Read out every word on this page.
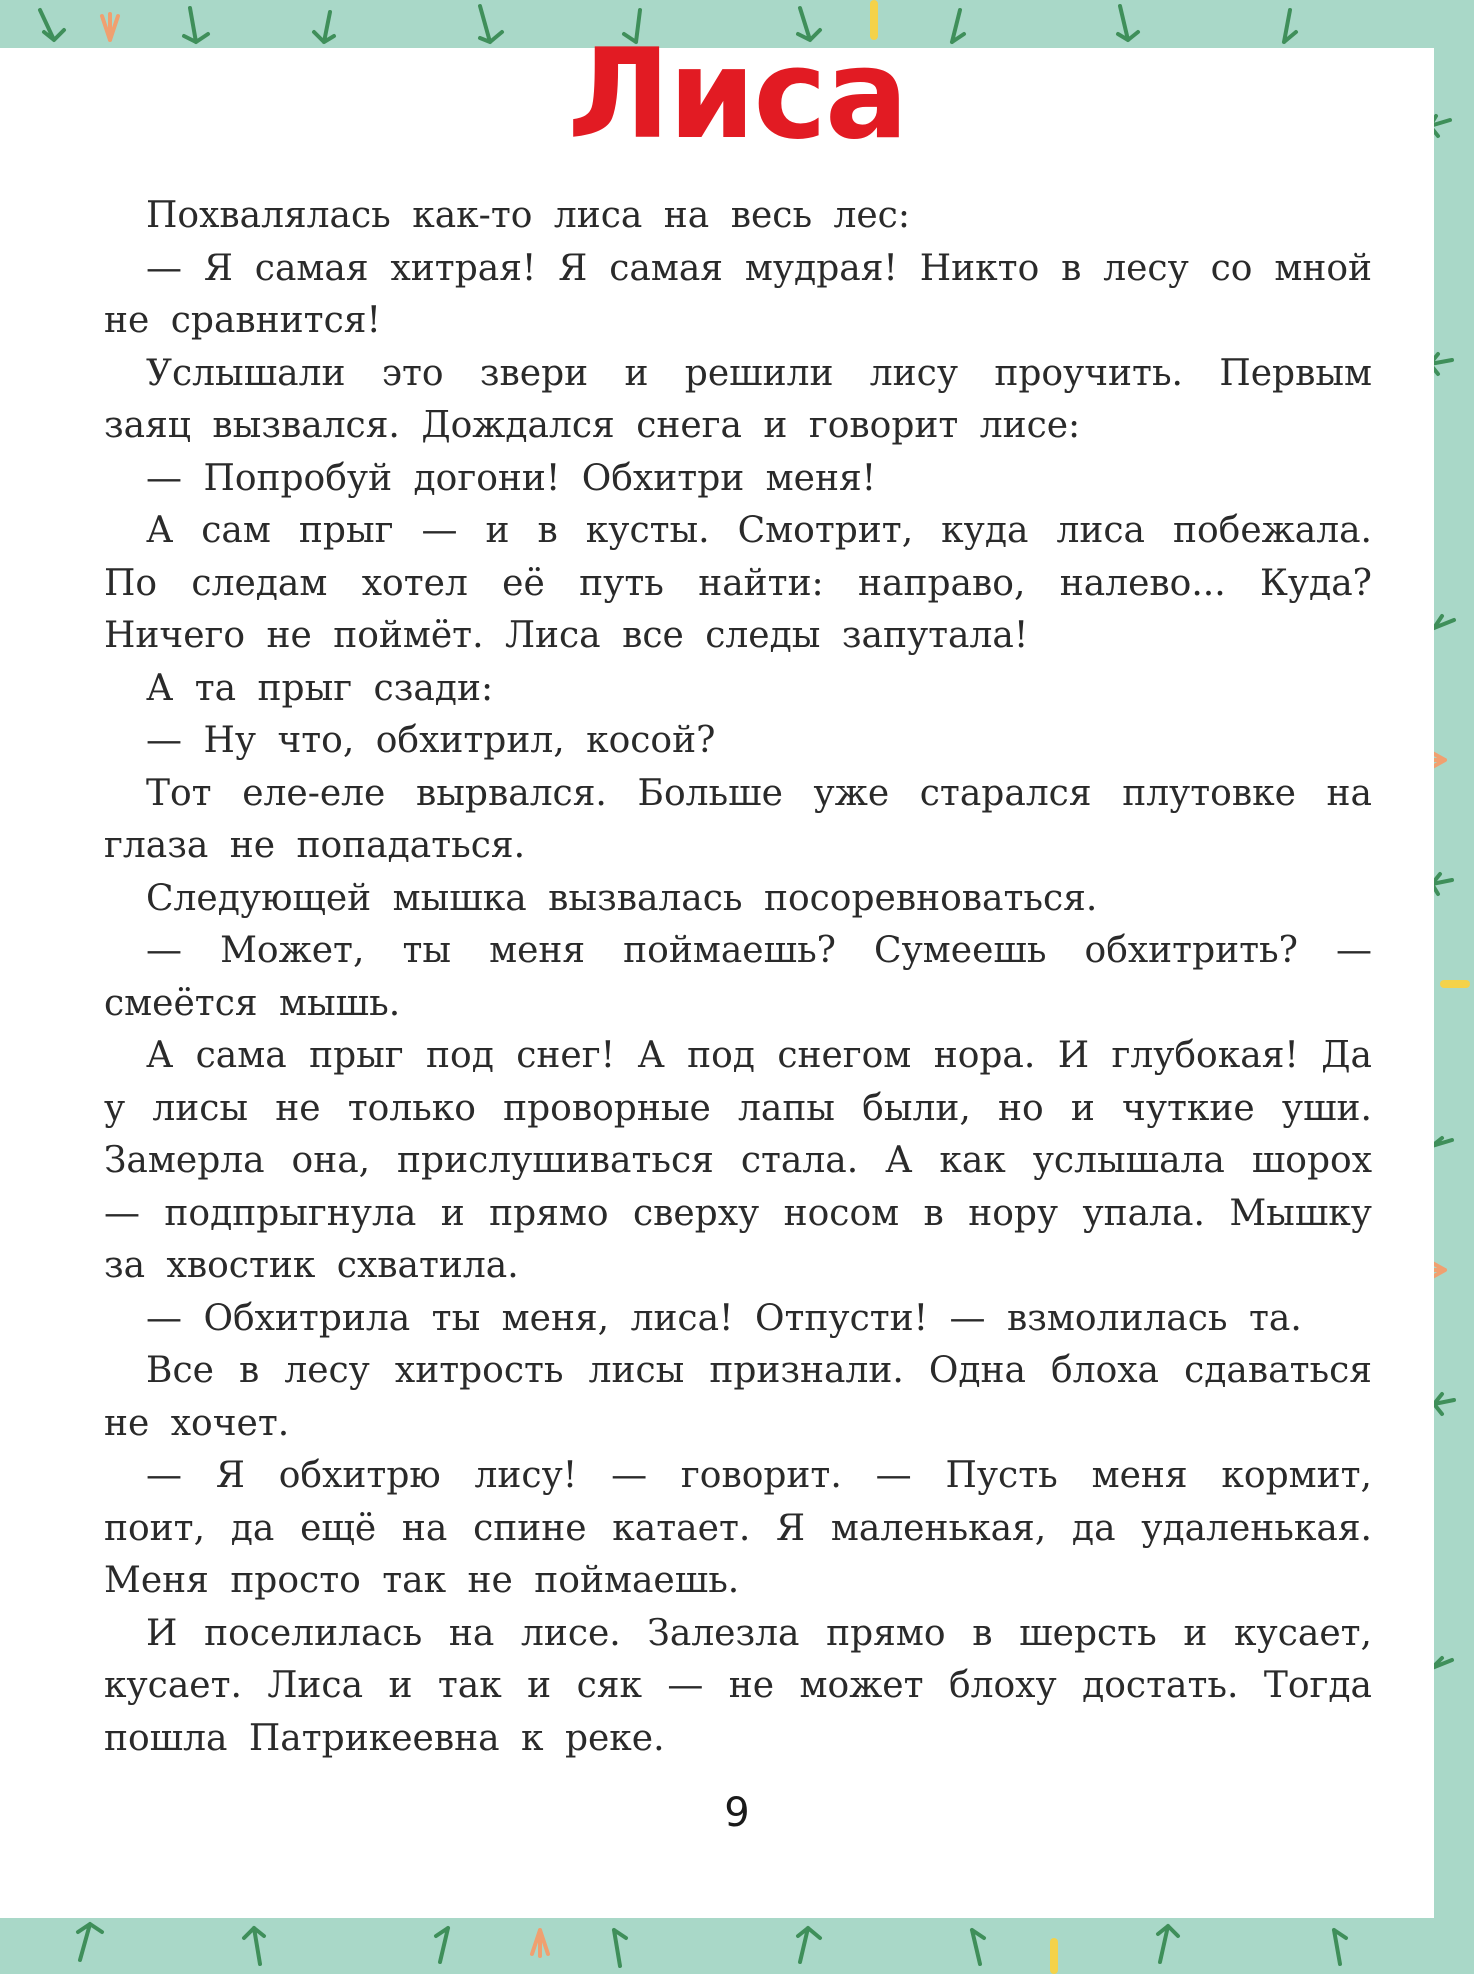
Лиса

Похвалялась как-то лиса на весь лес:

— Я самая хитрая! Я самая мудрая! Никто в лесу со мной не сравнится!

Услышали это звери и решили лису проучить. Первым заяц вызвался. Дождался снега и говорит лисе:

— Попробуй догони! Обхитри меня!

А сам прыг — и в кусты. Смотрит, куда лиса побежала. По следам хотел её путь найти: направо, налево... Куда? Ничего не поймёт. Лиса все следы запутала!

А та прыг сзади:

— Ну что, обхитрил, косой?

Тот еле-еле вырвался. Больше уже старался плутовке на глаза не попадаться.

Следующей мышка вызвалась посоревноваться.

— Может, ты меня поймаешь? Сумеешь обхитрить? — смеётся мышь.

А сама прыг под снег! А под снегом нора. И глубокая! Да у лисы не только проворные лапы были, но и чуткие уши. Замерла она, прислушиваться стала. А как услышала шорох — подпрыгнула и прямо сверху носом в нору упала. Мышку за хвостик схватила.

— Обхитрила ты меня, лиса! Отпусти! — взмолилась та.

Все в лесу хитрость лисы признали. Одна блоха сдаваться не хочет.

— Я обхитрю лису! — говорит. — Пусть меня кормит, поит, да ещё на спине катает. Я маленькая, да удаленькая. Меня просто так не поймаешь.

И поселилась на лисе. Залезла прямо в шерсть и кусает, кусает. Лиса и так и сяк — не может блоху достать. Тогда пошла Патрикеевна к реке.

9
